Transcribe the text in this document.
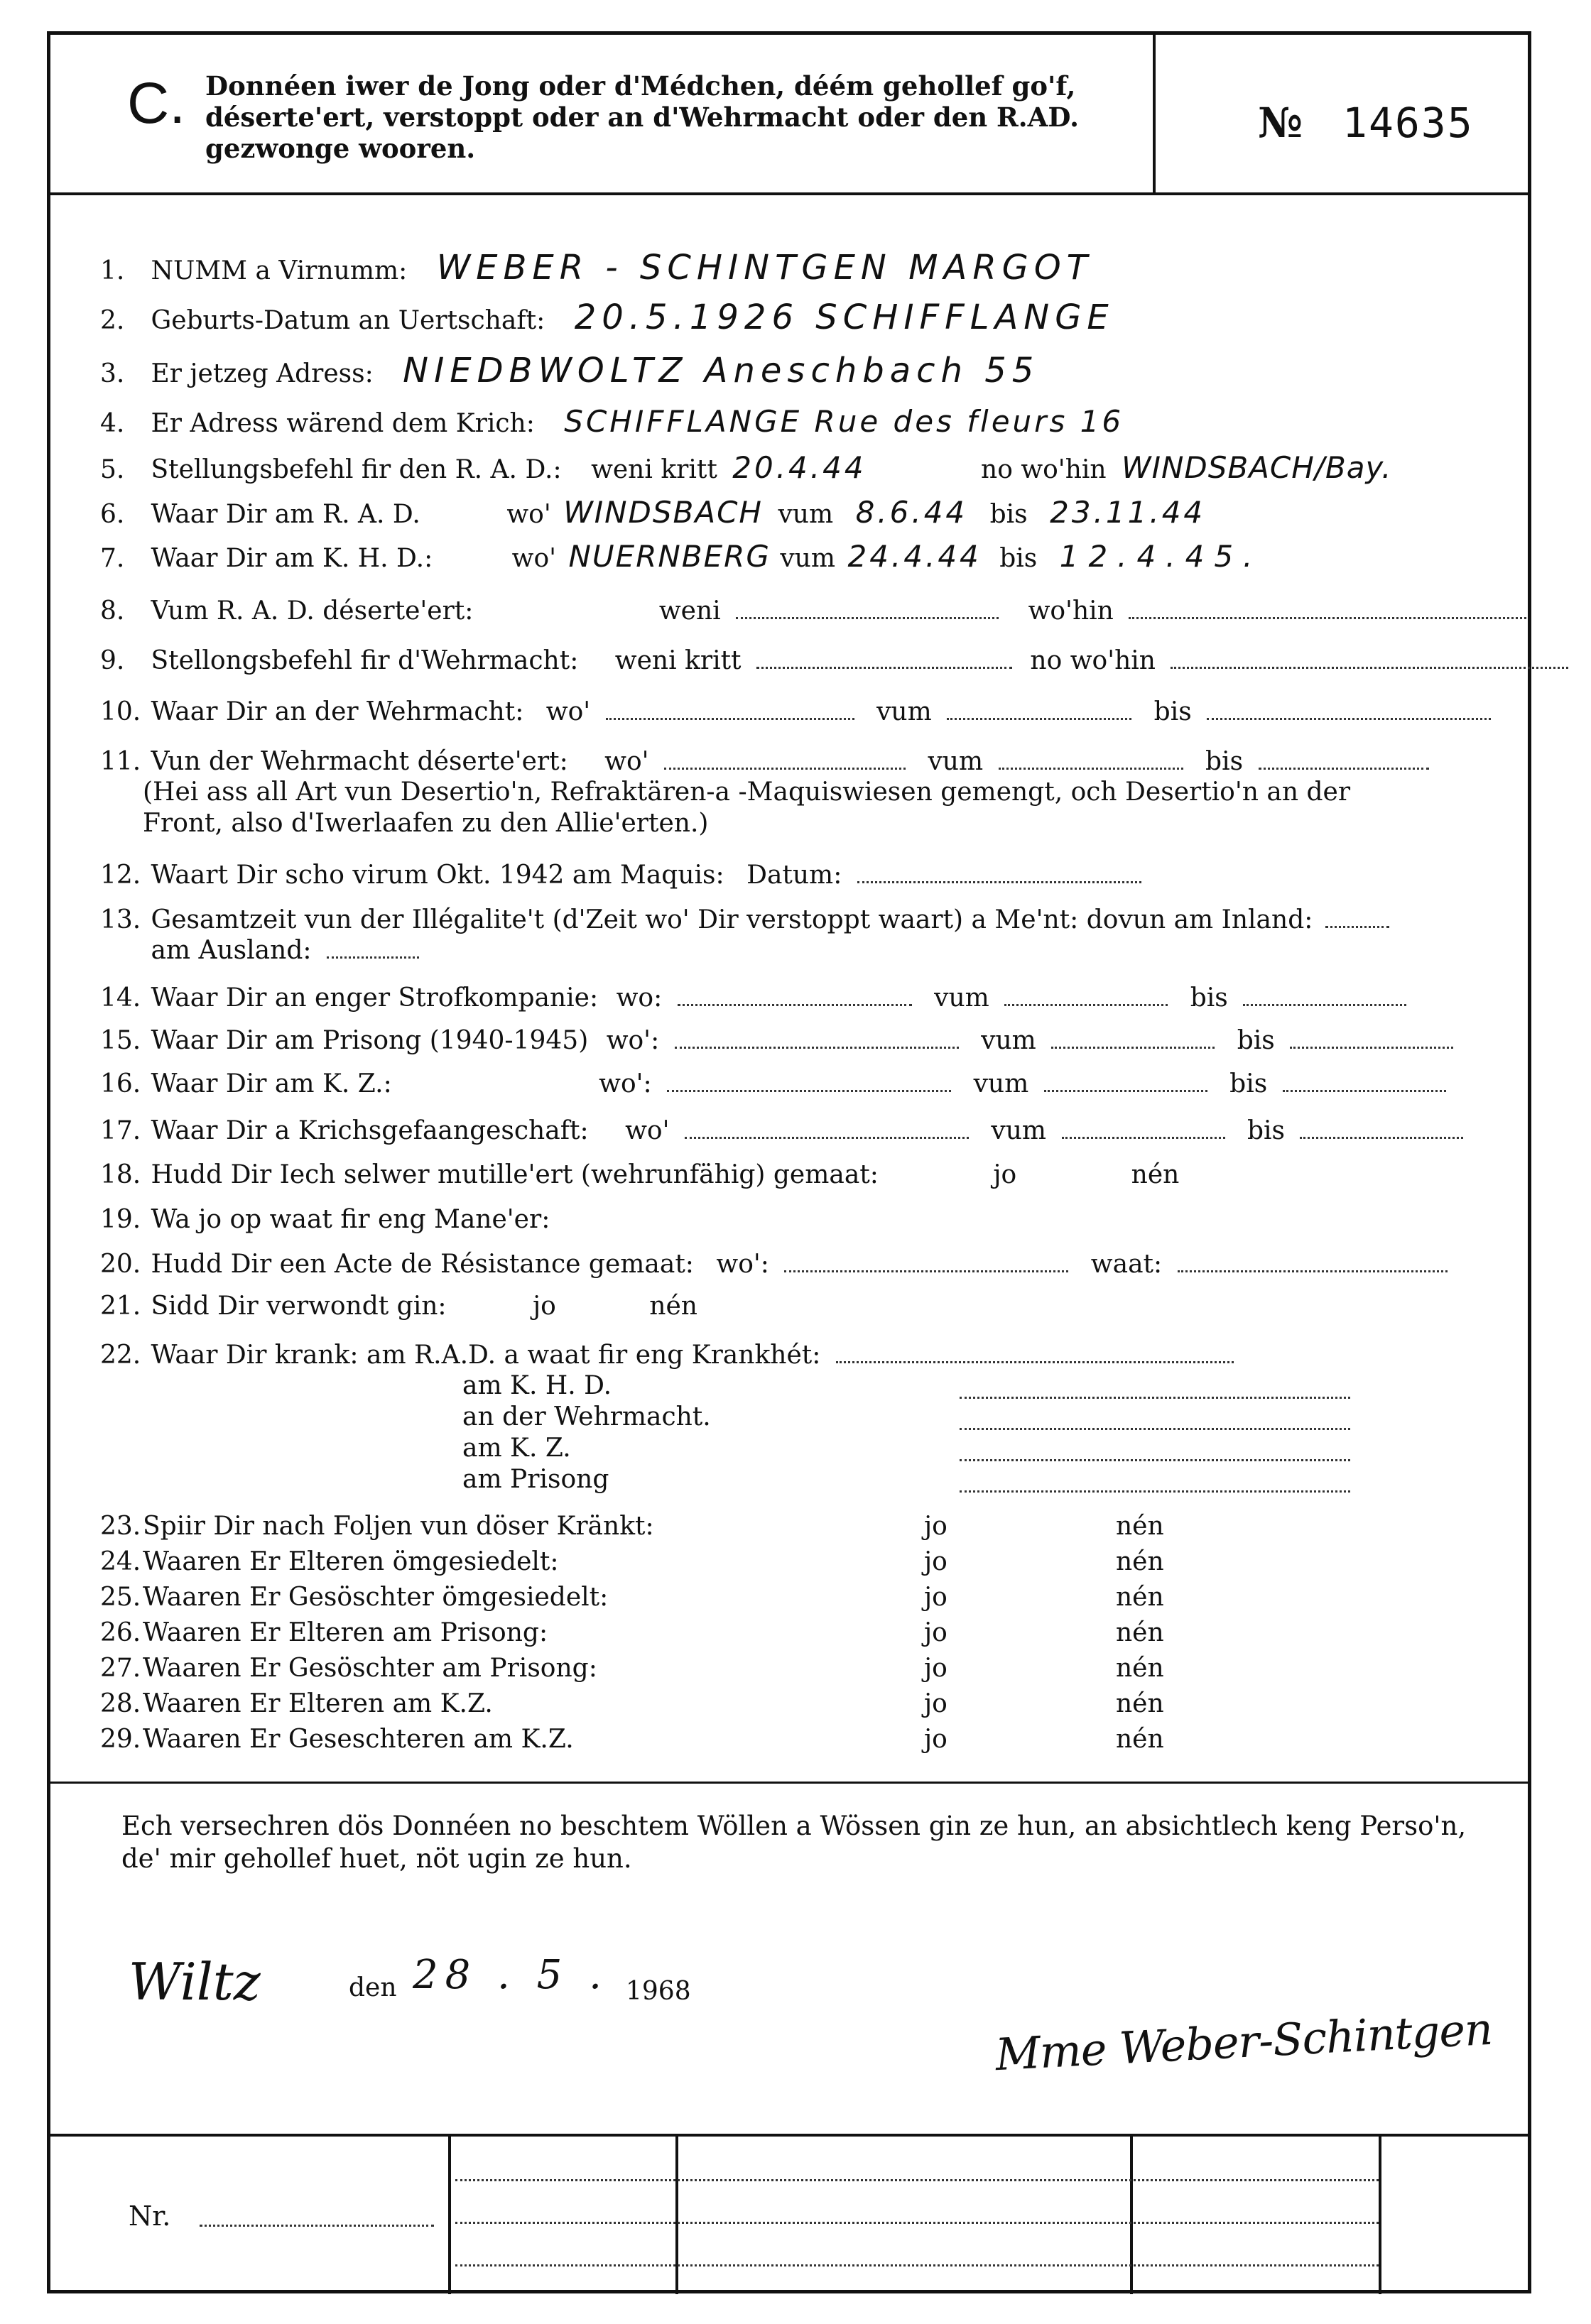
C. Donnéen iwer de Jong oder d'Médchen, déém gehollef go'f, déserte'ert, verstoppt oder an d'Wehrmacht oder den R.AD. gezwonge wooren.
№ 14635
1. NUMM a Virnumm: WEBER - SCHINTGEN MARGOT
2. Geburts-Datum an Uertschaft: 20.5.1926 SCHIFFLANGE
3. Er jetzeg Adress: NIEDBWOLTZ Aneschbach 55
4. Er Adress wärend dem Krich: SCHIFFLANGE Rue des fleurs 16
5. Stellungsbefehl fir den R. A. D.: weni kritt 20.4.44	no wo'hin WINDSBACH/Bay.
6. Waar Dir am R. A. D.	wo' WINDSBACH vum 8.6.44 bis 23.11.44
7. Waar Dir am K. H. D.:	wo' NUERNBERG vum 24.4.44 bis 12.4.45.
8. Vum R. A. D. déserte'ert:	weni	wo'hin
9. Stellongsbefehl fir d'Wehrmacht: weni kritt	no wo'hin
10. Waar Dir an der Wehrmacht: wo'	vum	bis
11. Vun der Wehrmacht déserte'ert: wo'	vum	bis
(Hei ass all Art vun Desertio'n, Refraktären-a -Maquiswiesen gemengt, och Desertio'n an der
Front, also d'Iwerlaafen zu den Allie'erten.)
12. Waart Dir scho virum Okt. 1942 am Maquis: Datum:
13. Gesamtzeit vun der Illégalite't (d'Zeit wo' Dir verstoppt waart) a Me'nt: dovun am Inland:
am Ausland:
14. Waar Dir an enger Strofkompanie: wo:	vum	bis
15. Waar Dir am Prisong (1940-1945) wo':	vum	bis
16. Waar Dir am K. Z.:	wo':	vum	bis
17. Waar Dir a Krichsgefaangeschaft: wo'	vum	bis
18. Hudd Dir Iech selwer mutille'ert (wehrunfähig) gemaat:	jo	nén
19. Wa jo op waat fir eng Mane'er:
20. Hudd Dir een Acte de Résistance gemaat: wo':	waat:
21. Sidd Dir verwondt gin:	jo	nén
22. Waar Dir krank: am R.A.D. a waat fir eng Krankhét:
am K. H. D.
an der Wehrmacht.
am K. Z.
am Prisong
23.Spiir Dir nach Foljen vun döser Kränkt:	jo	nén
24.Waaren Er Elteren ömgesiedelt:	jo	nén
25.Waaren Er Gesöschter ömgesiedelt:	jo	nén
26.Waaren Er Elteren am Prisong:	jo	nén
27.Waaren Er Gesöschter am Prisong:	jo	nén
28.Waaren Er Elteren am K.Z.	jo	nén
29.Waaren Er Geseschteren am K.Z.	jo	nén
Ech versechren dös Donnéen no beschtem Wöllen a Wössen gin ze hun, an absichtlech keng Perso'n, de' mir gehollef huet, nöt ugin ze hun.
Wiltz	den 28 . 5 . 1968
Mme Weber-Schintgen
Nr.
